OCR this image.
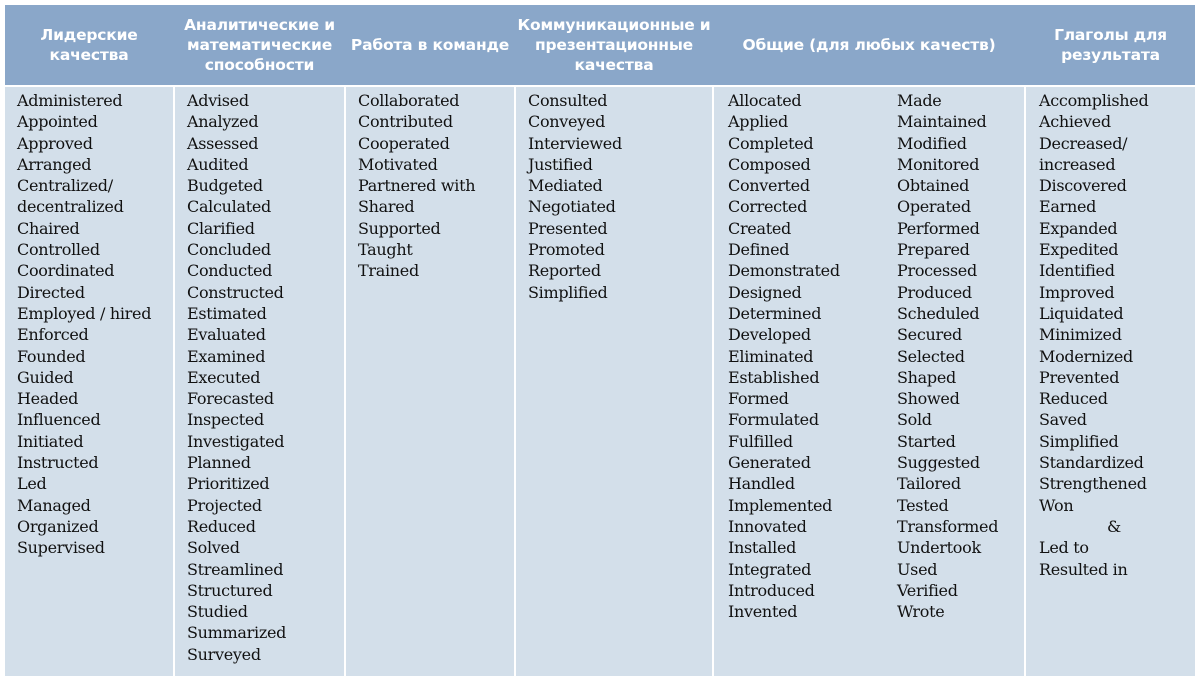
Лидерские
качества
Аналитические и
математические
способности
Работа в команде
Коммуникационные и
презентационные
качества
Общие (для любых качеств)
Глаголы для
результата
Administered
Appointed
Approved
Arranged
Centralized/
decentralized
Chaired
Controlled
Coordinated
Directed
Employed / hired
Enforced
Founded
Guided
Headed
Influenced
Initiated
Instructed
Led
Managed
Organized
Supervised
Advised
Analyzed
Assessed
Audited
Budgeted
Calculated
Clarified
Concluded
Conducted
Constructed
Estimated
Evaluated
Examined
Executed
Forecasted
Inspected
Investigated
Planned
Prioritized
Projected
Reduced
Solved
Streamlined
Structured
Studied
Summarized
Surveyed
Collaborated
Contributed
Cooperated
Motivated
Partnered with
Shared
Supported
Taught
Trained
Consulted
Conveyed
Interviewed
Justified
Mediated
Negotiated
Presented
Promoted
Reported
Simplified
Allocated
Applied
Completed
Composed
Converted
Corrected
Created
Defined
Demonstrated
Designed
Determined
Developed
Eliminated
Established
Formed
Formulated
Fulfilled
Generated
Handled
Implemented
Innovated
Installed
Integrated
Introduced
Invented
Made
Maintained
Modified
Monitored
Obtained
Operated
Performed
Prepared
Processed
Produced
Scheduled
Secured
Selected
Shaped
Showed
Sold
Started
Suggested
Tailored
Tested
Transformed
Undertook
Used
Verified
Wrote
Accomplished
Achieved
Decreased/
increased
Discovered
Earned
Expanded
Expedited
Identified
Improved
Liquidated
Minimized
Modernized
Prevented
Reduced
Saved
Simplified
Standardized
Strengthened
Won
&
Led to
Resulted in
